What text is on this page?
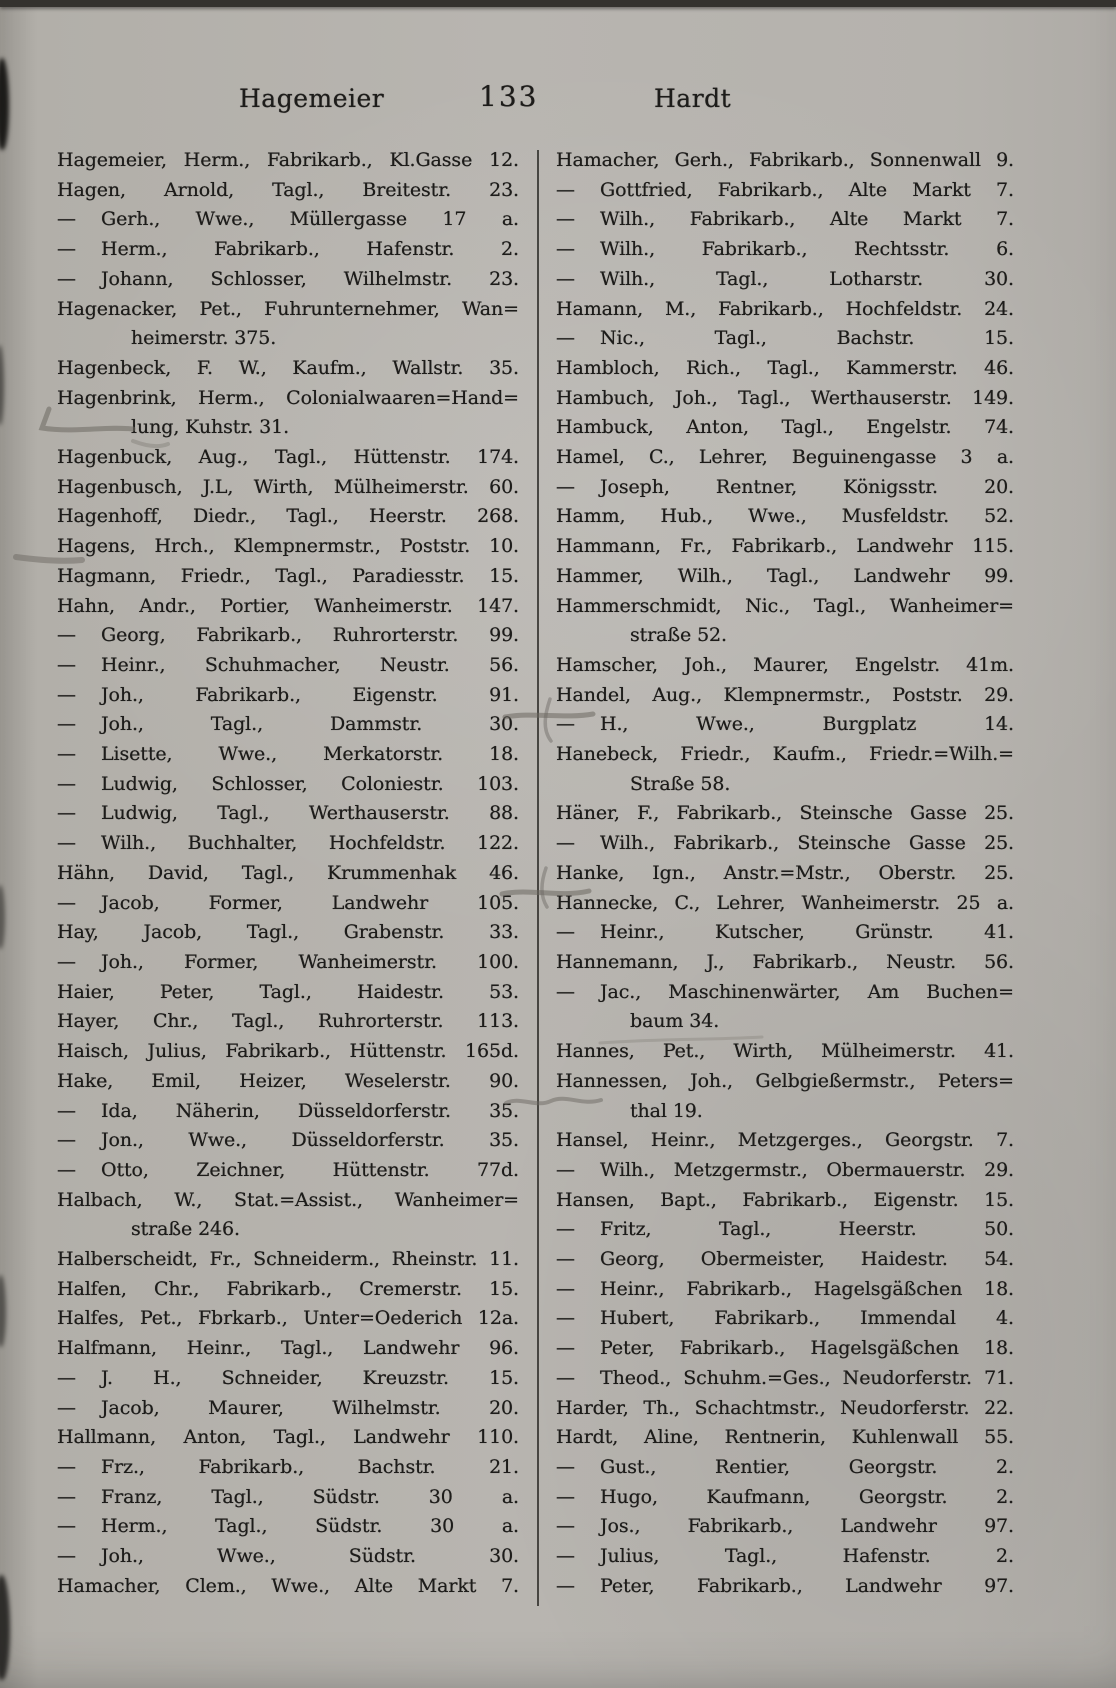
Hagemeier	133	Hardt
Hagemeier, Herm., Fabrikarb., Kl.Gasse 12.
Hagen, Arnold, Tagl., Breitestr. 23.
— Gerh., Wwe., Müllergasse 17 a.
— Herm., Fabrikarb., Hafenstr. 2.
— Johann, Schlosser, Wilhelmstr. 23.
Hagenacker, Pet., Fuhrunternehmer, Wan=
heimerstr. 375.
Hagenbeck, F. W., Kaufm., Wallstr. 35.
Hagenbrink, Herm., Colonialwaaren=Hand=
lung, Kuhstr. 31.
Hagenbuck, Aug., Tagl., Hüttenstr. 174.
Hagenbusch, J.L, Wirth, Mülheimerstr. 60.
Hagenhoff, Diedr., Tagl., Heerstr. 268.
Hagens, Hrch., Klempnermstr., Poststr. 10.
Hagmann, Friedr., Tagl., Paradiesstr. 15.
Hahn, Andr., Portier, Wanheimerstr. 147.
— Georg, Fabrikarb., Ruhrorterstr. 99.
— Heinr., Schuhmacher, Neustr. 56.
— Joh., Fabrikarb., Eigenstr. 91.
— Joh., Tagl., Dammstr. 30.
— Lisette, Wwe., Merkatorstr. 18.
— Ludwig, Schlosser, Coloniestr. 103.
— Ludwig, Tagl., Werthauserstr. 88.
— Wilh., Buchhalter, Hochfeldstr. 122.
Hähn, David, Tagl., Krummenhak 46.
— Jacob, Former, Landwehr 105.
Hay, Jacob, Tagl., Grabenstr. 33.
— Joh., Former, Wanheimerstr. 100.
Haier, Peter, Tagl., Haidestr. 53.
Hayer, Chr., Tagl., Ruhrorterstr. 113.
Haisch, Julius, Fabrikarb., Hüttenstr. 165d.
Hake, Emil, Heizer, Weselerstr. 90.
— Ida, Näherin, Düsseldorferstr. 35.
— Jon., Wwe., Düsseldorferstr. 35.
— Otto, Zeichner, Hüttenstr. 77d.
Halbach, W., Stat.=Assist., Wanheimer=
straße 246.
Halberscheidt, Fr., Schneiderm., Rheinstr. 11.
Halfen, Chr., Fabrikarb., Cremerstr. 15.
Halfes, Pet., Fbrkarb., Unter=Oederich 12a.
Halfmann, Heinr., Tagl., Landwehr 96.
— J. H., Schneider, Kreuzstr. 15.
— Jacob, Maurer, Wilhelmstr. 20.
Hallmann, Anton, Tagl., Landwehr 110.
— Frz., Fabrikarb., Bachstr. 21.
— Franz, Tagl., Südstr. 30 a.
— Herm., Tagl., Südstr. 30 a.
— Joh., Wwe., Südstr. 30.
Hamacher, Clem., Wwe., Alte Markt 7.
Hamacher, Gerh., Fabrikarb., Sonnenwall 9.
— Gottfried, Fabrikarb., Alte Markt 7.
— Wilh., Fabrikarb., Alte Markt 7.
— Wilh., Fabrikarb., Rechtsstr. 6.
— Wilh., Tagl., Lotharstr. 30.
Hamann, M., Fabrikarb., Hochfeldstr. 24.
— Nic., Tagl., Bachstr. 15.
Hambloch, Rich., Tagl., Kammerstr. 46.
Hambuch, Joh., Tagl., Werthauserstr. 149.
Hambuck, Anton, Tagl., Engelstr. 74.
Hamel, C., Lehrer, Beguinengasse 3 a.
— Joseph, Rentner, Königsstr. 20.
Hamm, Hub., Wwe., Musfeldstr. 52.
Hammann, Fr., Fabrikarb., Landwehr 115.
Hammer, Wilh., Tagl., Landwehr 99.
Hammerschmidt, Nic., Tagl., Wanheimer=
straße 52.
Hamscher, Joh., Maurer, Engelstr. 41m.
Handel, Aug., Klempnermstr., Poststr. 29.
— H., Wwe., Burgplatz 14.
Hanebeck, Friedr., Kaufm., Friedr.=Wilh.=
Straße 58.
Häner, F., Fabrikarb., Steinsche Gasse 25.
— Wilh., Fabrikarb., Steinsche Gasse 25.
Hanke, Ign., Anstr.=Mstr., Oberstr. 25.
Hannecke, C., Lehrer, Wanheimerstr. 25 a.
— Heinr., Kutscher, Grünstr. 41.
Hannemann, J., Fabrikarb., Neustr. 56.
— Jac., Maschinenwärter, Am Buchen=
baum 34.
Hannes, Pet., Wirth, Mülheimerstr. 41.
Hannessen, Joh., Gelbgießermstr., Peters=
thal 19.
Hansel, Heinr., Metzgerges., Georgstr. 7.
— Wilh., Metzgermstr., Obermauerstr. 29.
Hansen, Bapt., Fabrikarb., Eigenstr. 15.
— Fritz, Tagl., Heerstr. 50.
— Georg, Obermeister, Haidestr. 54.
— Heinr., Fabrikarb., Hagelsgäßchen 18.
— Hubert, Fabrikarb., Immendal 4.
— Peter, Fabrikarb., Hagelsgäßchen 18.
— Theod., Schuhm.=Ges., Neudorferstr. 71.
Harder, Th., Schachtmstr., Neudorferstr. 22.
Hardt, Aline, Rentnerin, Kuhlenwall 55.
— Gust., Rentier, Georgstr. 2.
— Hugo, Kaufmann, Georgstr. 2.
— Jos., Fabrikarb., Landwehr 97.
— Julius, Tagl., Hafenstr. 2.
— Peter, Fabrikarb., Landwehr 97.
